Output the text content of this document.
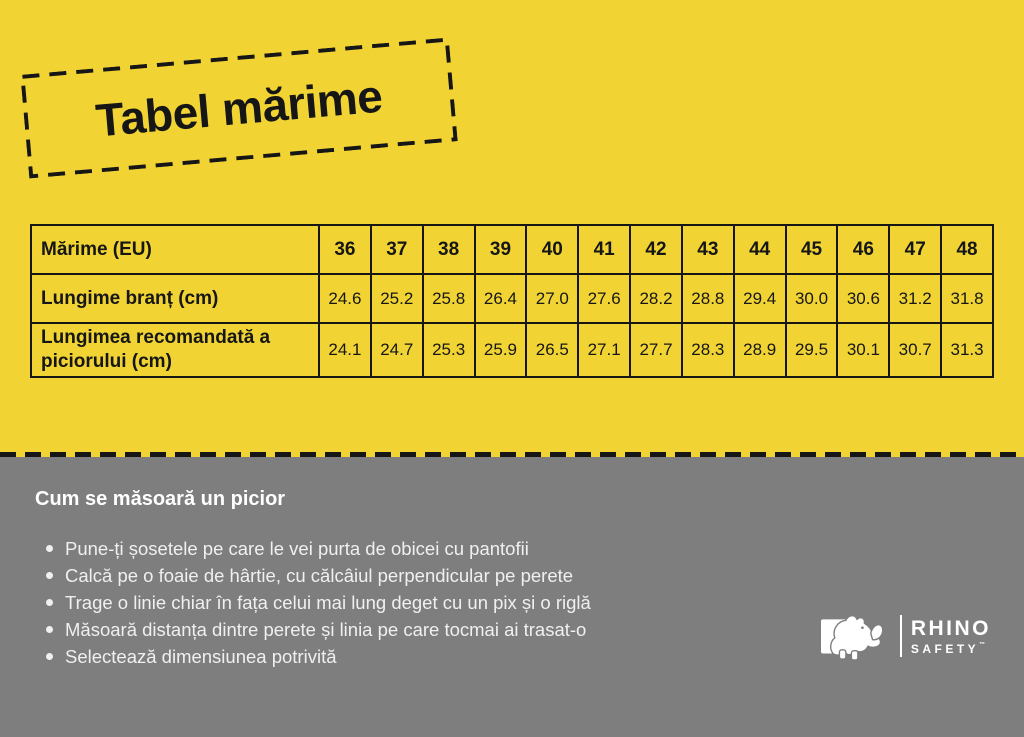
Tabel mărime
Mărime (EU)	36	37	38	39	40	41	42	43	44	45	46	47	48
Lungime branț (cm)	24.6	25.2	25.8	26.4	27.0	27.6	28.2	28.8	29.4	30.0	30.6	31.2	31.8
Lungimea recomandată a piciorului (cm)	24.1	24.7	25.3	25.9	26.5	27.1	27.7	28.3	28.9	29.5	30.1	30.7	31.3
Cum se măsoară un picior
Pune-ți șosetele pe care le vei purta de obicei cu pantofii
Calcă pe o foaie de hârtie, cu călcâiul perpendicular pe perete
Trage o linie chiar în fața celui mai lung deget cu un pix și o riglă
Măsoară distanța dintre perete și linia pe care tocmai ai trasat-o
Selectează dimensiunea potrivită
RHINO
SAFETY ™
